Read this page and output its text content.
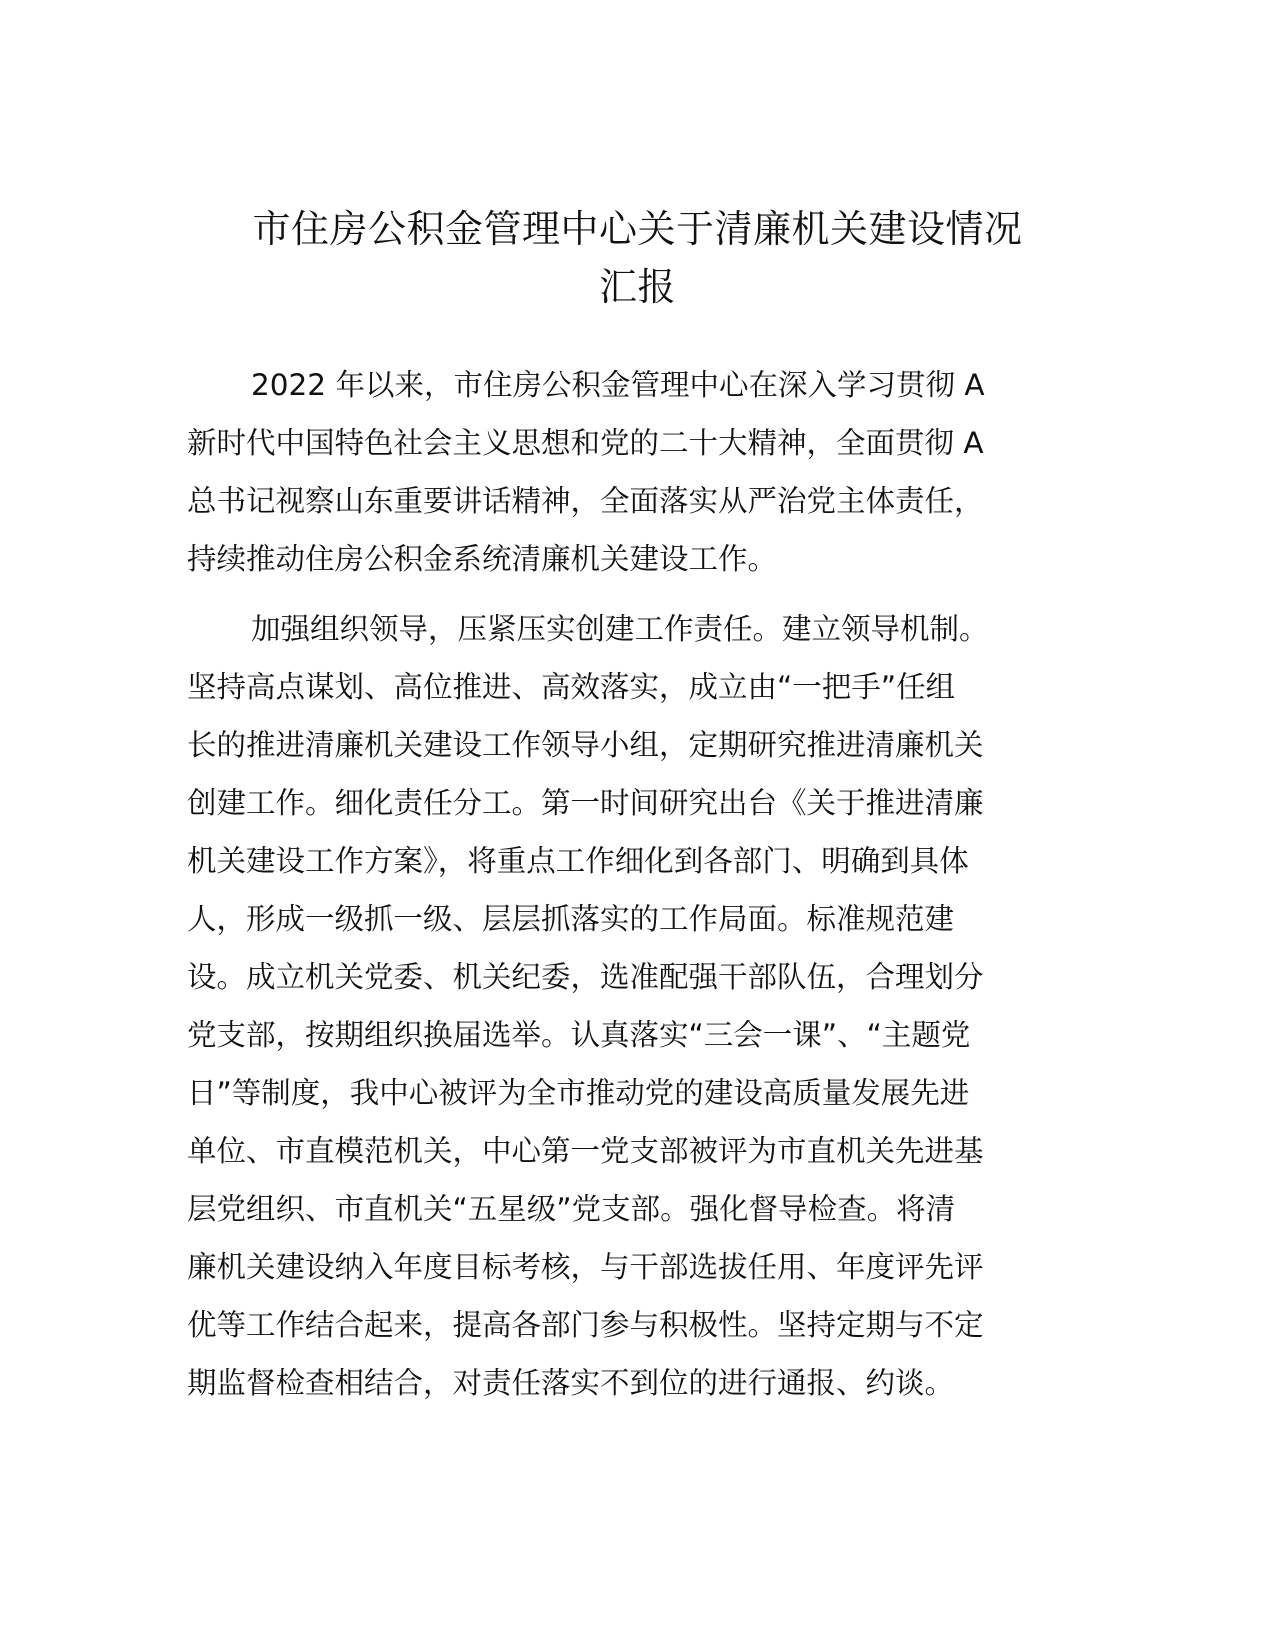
市住房公积金管理中心关于清廉机关建设情况
汇报
2022 年以来，市住房公积金管理中心在深入学习贯彻 A
新时代中国特色社会主义思想和党的二十大精神，全面贯彻 A
总书记视察山东重要讲话精神，全面落实从严治党主体责任，
持续推动住房公积金系统清廉机关建设工作。
加强组织领导，压紧压实创建工作责任。建立领导机制。
坚持高点谋划、高位推进、高效落实，成立由“一把手”任组
长的推进清廉机关建设工作领导小组，定期研究推进清廉机关
创建工作。细化责任分工。第一时间研究出台《关于推进清廉
机关建设工作方案》，将重点工作细化到各部门、明确到具体
人，形成一级抓一级、层层抓落实的工作局面。标准规范建
设。成立机关党委、机关纪委，选准配强干部队伍，合理划分
党支部，按期组织换届选举。认真落实“三会一课”、“主题党
日”等制度，我中心被评为全市推动党的建设高质量发展先进
单位、市直模范机关，中心第一党支部被评为市直机关先进基
层党组织、市直机关“五星级”党支部。强化督导检查。将清
廉机关建设纳入年度目标考核，与干部选拔任用、年度评先评
优等工作结合起来，提高各部门参与积极性。坚持定期与不定
期监督检查相结合，对责任落实不到位的进行通报、约谈。
